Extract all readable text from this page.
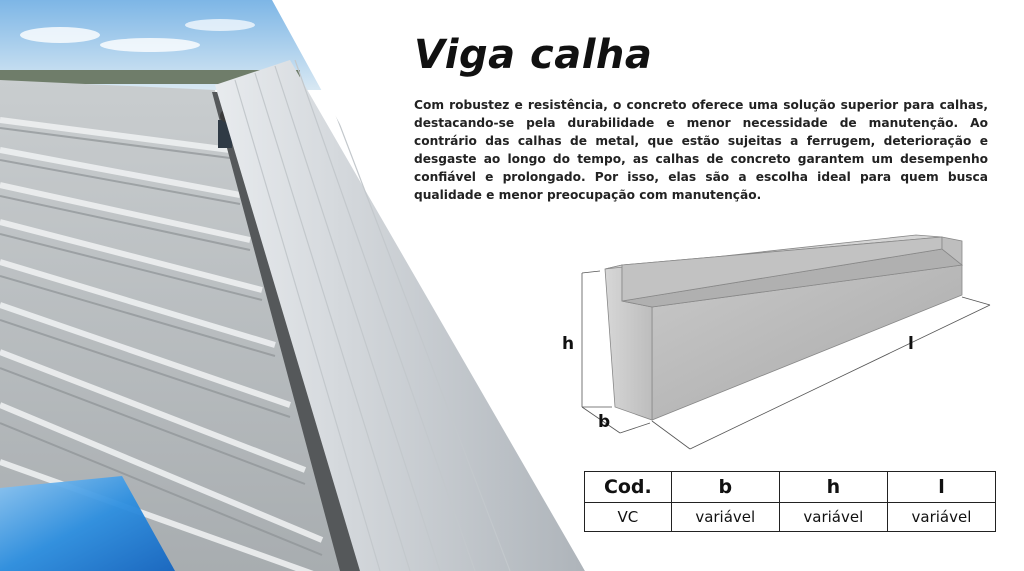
Viga calha

Com robustez e resistência, o concreto oferece uma solução superior para calhas, destacando-se pela durabilidade e menor necessidade de manutenção. Ao contrário das calhas de metal, que estão sujeitas a ferrugem, deterioração e desgaste ao longo do tempo, as calhas de concreto garantem um desempenho confiável e prolongado. Por isso, elas são a escolha ideal para quem busca qualidade e menor preocupação com manutenção.

h
b
l
Cod.	b	h	l
VC	variável	variável	variável
